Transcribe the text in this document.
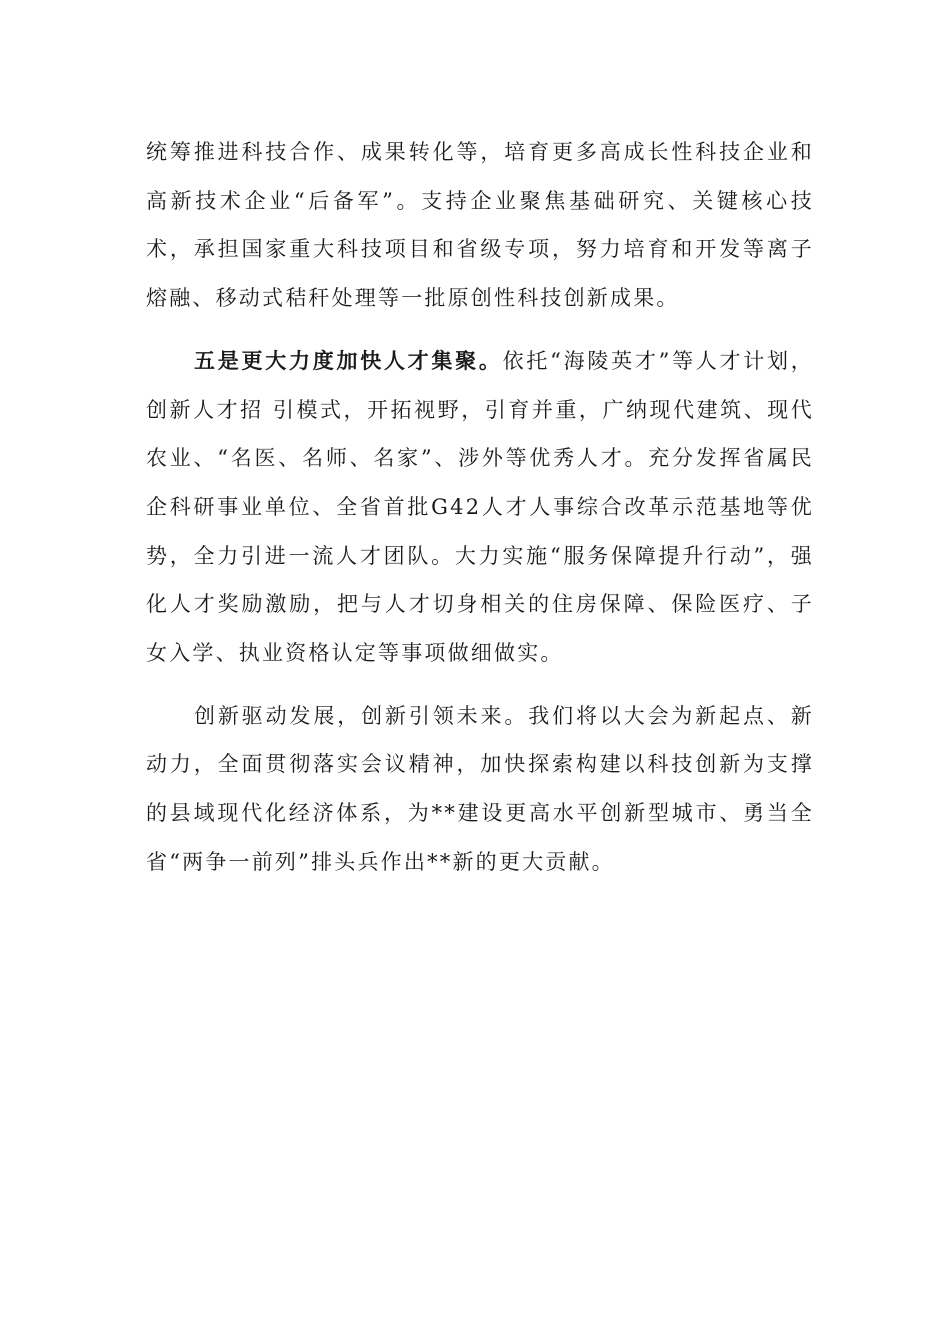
统筹推进科技合作、成果转化等，培育更多高成长性科技企业和高新技术企业“后备军”。支持企业聚焦基础研究、关键核心技术，承担国家重大科技项目和省级专项，努力培育和开发等离子熔融、移动式秸秆处理等一批原创性科技创新成果。

五是更大力度加快人才集聚。依托“海陵英才”等人才计划，创新人才招 引模式，开拓视野，引育并重，广纳现代建筑、现代农业、“名医、名师、名家”、涉外等优秀人才。充分发挥省属民企科研事业单位、全省首批G42人才人事综合改革示范基地等优势，全力引进一流人才团队。大力实施“服务保障提升行动”，强化人才奖励激励，把与人才切身相关的住房保障、保险医疗、子女入学、执业资格认定等事项做细做实。

创新驱动发展，创新引领未来。我们将以大会为新起点、新动力，全面贯彻落实会议精神，加快探索构建以科技创新为支撑的县域现代化经济体系，为**建设更高水平创新型城市、勇当全省“两争一前列”排头兵作出**新的更大贡献。
